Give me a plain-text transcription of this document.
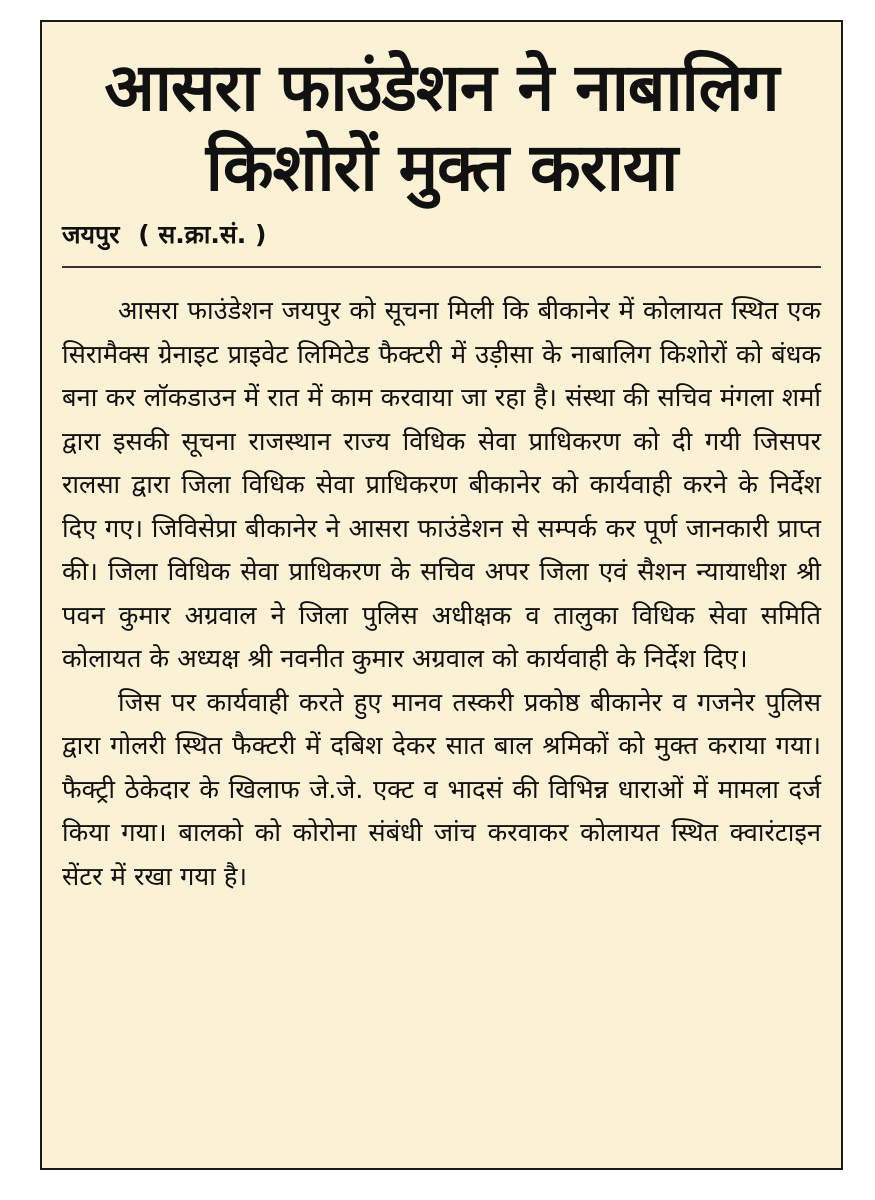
आसरा फाउंडेशन ने नाबालिग
किशोरों मुक्त कराया
जयपुर ( स.क्रा.सं. )

आसरा फाउंडेशन जयपुर को सूचना मिली कि बीकानेर में कोलायत स्थित एक सिरामैक्स ग्रेनाइट प्राइवेट लिमिटेड फैक्टरी में उड़ीसा के नाबालिग किशोरों को बंधक बना कर लॉकडाउन में रात में काम करवाया जा रहा है। संस्था की सचिव मंगला शर्मा द्वारा इसकी सूचना राजस्थान राज्य विधिक सेवा प्राधिकरण को दी गयी जिसपर रालसा द्वारा जिला विधिक सेवा प्राधिकरण बीकानेर को कार्यवाही करने के निर्देश दिए गए। जिविसेप्रा बीकानेर ने आसरा फाउंडेशन से सम्पर्क कर पूर्ण जानकारी प्राप्त की। जिला विधिक सेवा प्राधिकरण के सचिव अपर जिला एवं सैशन न्यायाधीश श्री पवन कुमार अग्रवाल ने जिला पुलिस अधीक्षक व तालुका विधिक सेवा समिति कोलायत के अध्यक्ष श्री नवनीत कुमार अग्रवाल को कार्यवाही के निर्देश दिए।

जिस पर कार्यवाही करते हुए मानव तस्करी प्रकोष्ठ बीकानेर व गजनेर पुलिस द्वारा गोलरी स्थित फैक्टरी में दबिश देकर सात बाल श्रमिकों को मुक्त कराया गया। फैक्ट्री ठेकेदार के खिलाफ जे.जे. एक्ट व भादसं की विभिन्न धाराओं में मामला दर्ज किया गया। बालको को कोरोना संबंधी जांच करवाकर कोलायत स्थित क्वारंटाइन सेंटर में रखा गया है।
